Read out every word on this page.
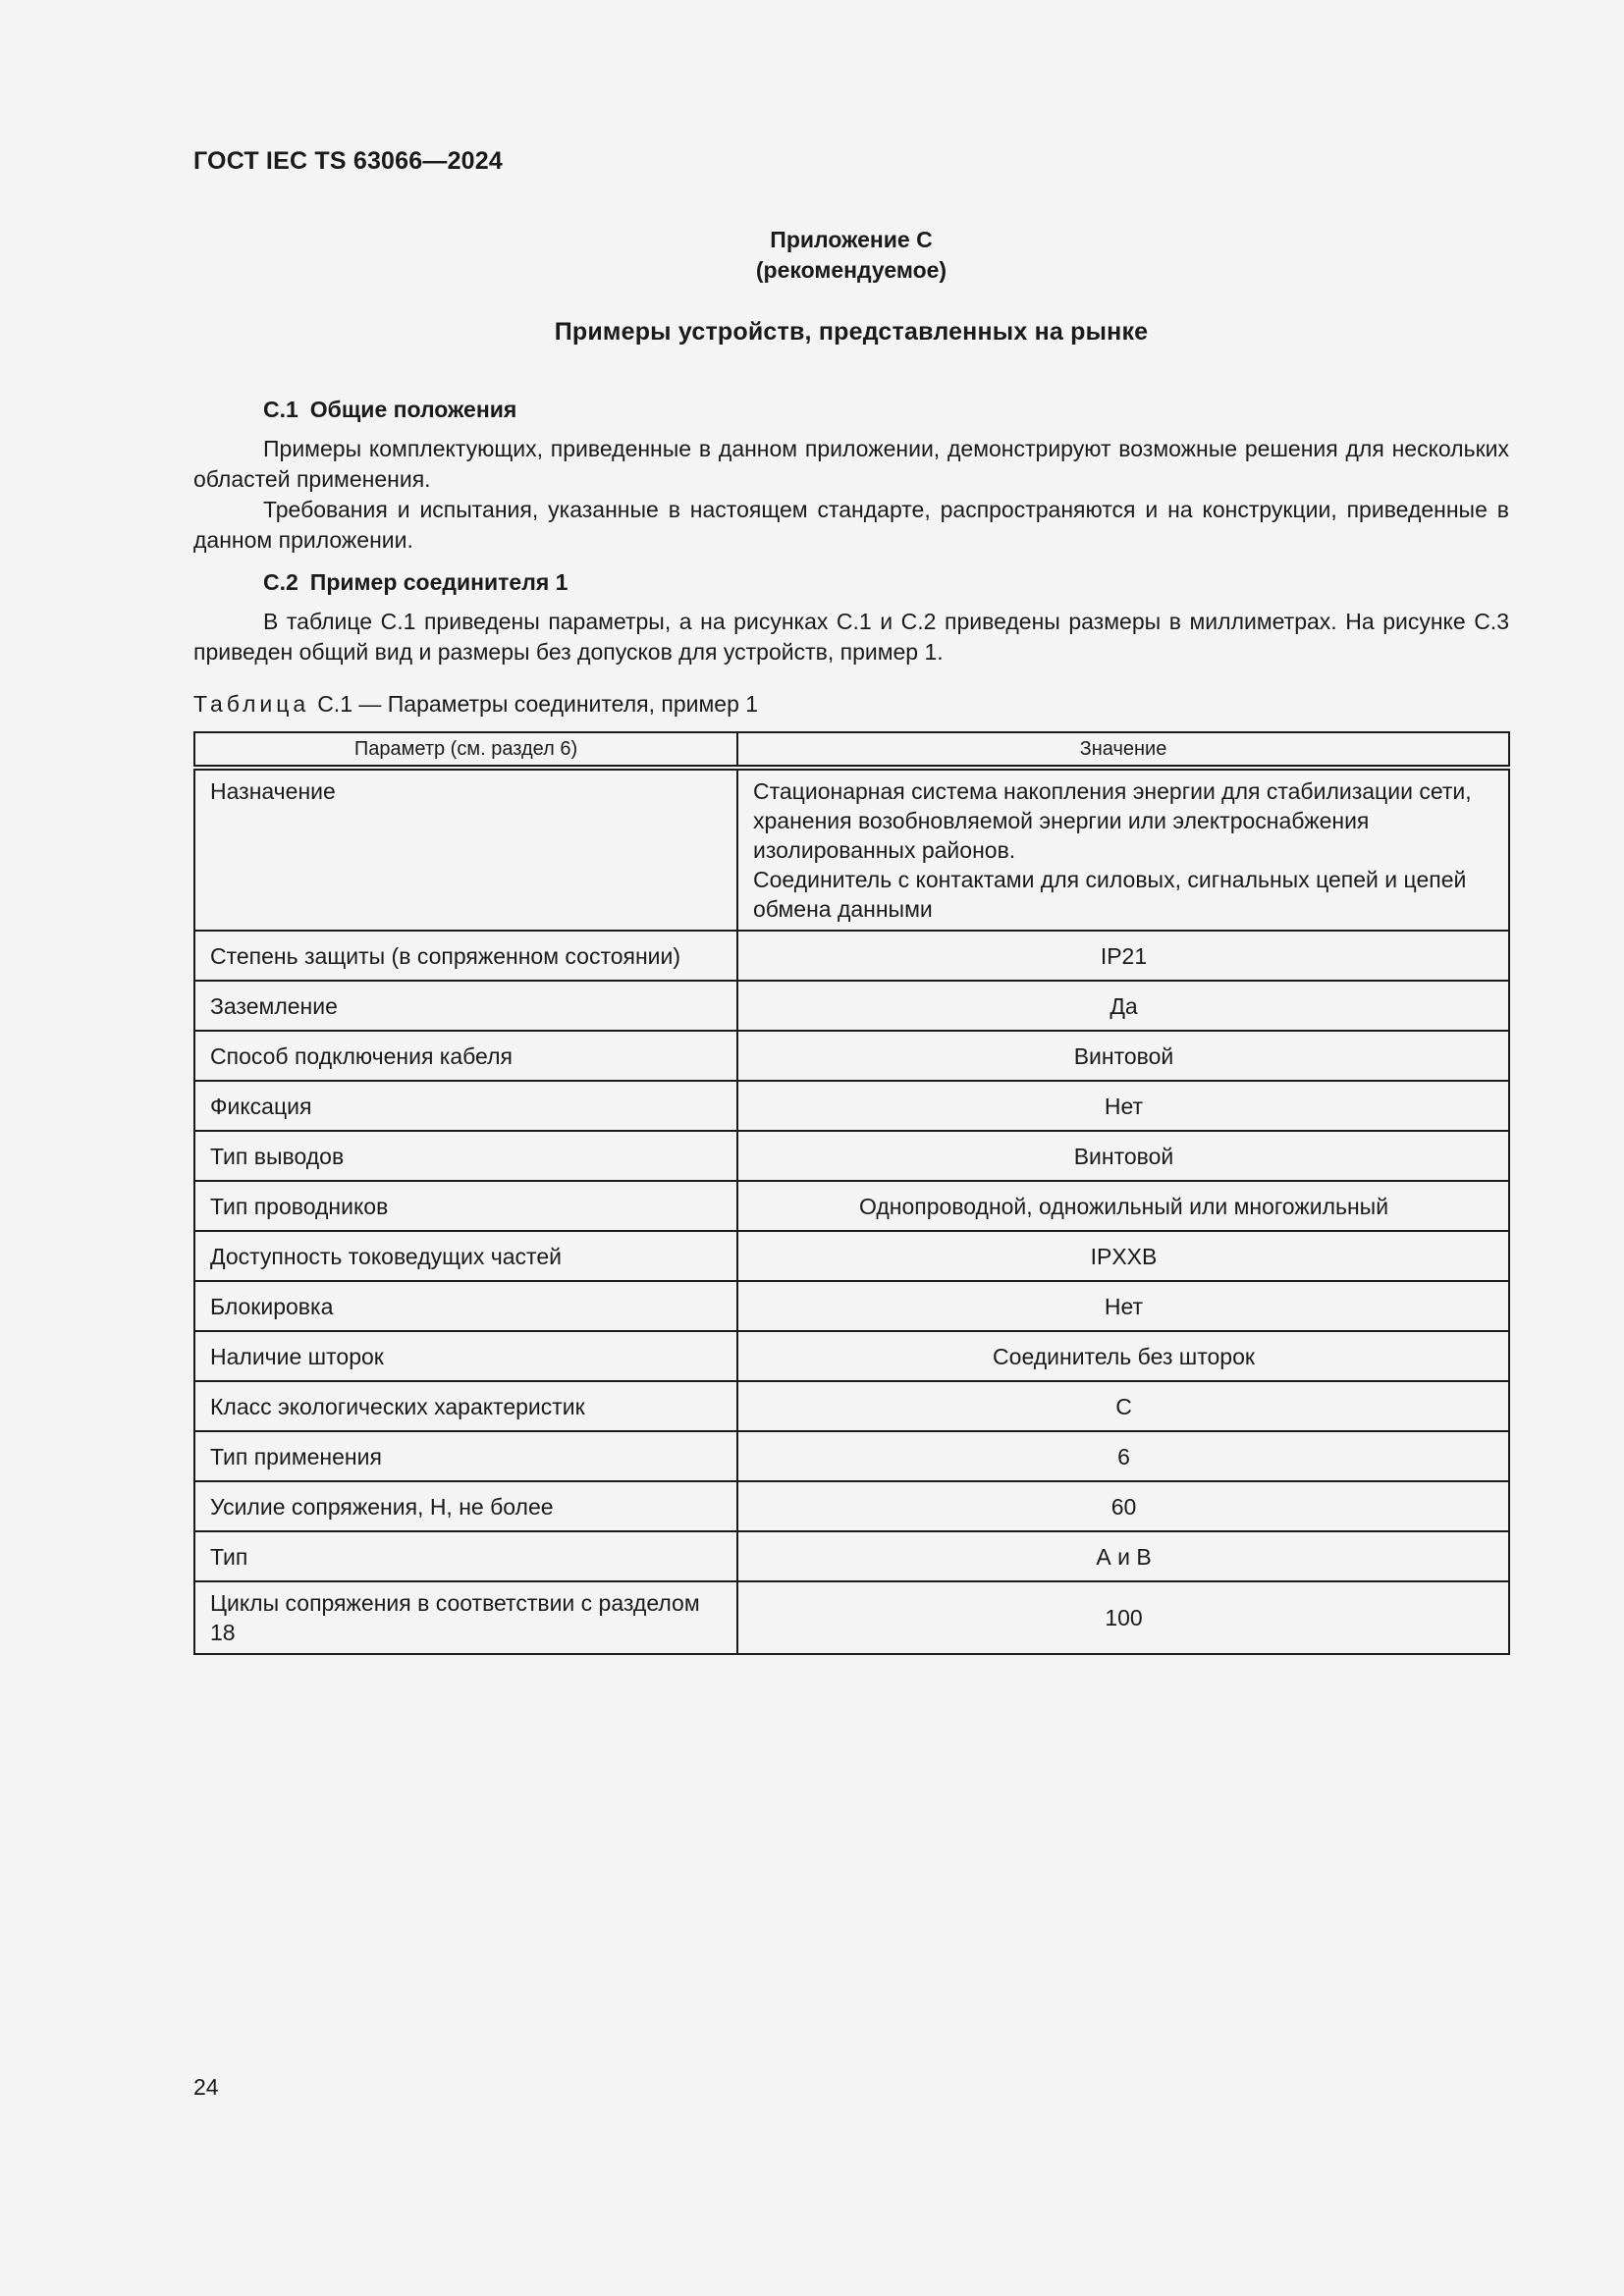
ГОСТ IEC TS 63066—2024
Приложение С
(рекомендуемое)
Примеры устройств, представленных на рынке
С.1 Общие положения
Примеры комплектующих, приведенные в данном приложении, демонстрируют возможные решения для нескольких областей применения.
Требования и испытания, указанные в настоящем стандарте, распространяются и на конструкции, приведенные в данном приложении.
С.2 Пример соединителя 1
В таблице С.1 приведены параметры, а на рисунках С.1 и С.2 приведены размеры в миллиметрах. На рисунке С.3 приведен общий вид и размеры без допусков для устройств, пример 1.
Таблица С.1 — Параметры соединителя, пример 1
Параметр (см. раздел 6)	Значение
Назначение	Стационарная система накопления энергии для стабилизации сети, хранения возобновляемой энергии или электроснабжения изолированных районов.
Соединитель с контактами для силовых, сигнальных цепей и цепей обмена данными

Степень защиты (в сопряженном состоянии)	IP21
Заземление	Да
Способ подключения кабеля	Винтовой
Фиксация	Нет
Тип выводов	Винтовой
Тип проводников	Однопроводной, одножильный или многожильный
Доступность токоведущих частей	IPXXB
Блокировка	Нет
Наличие шторок	Соединитель без шторок
Класс экологических характеристик	С
Тип применения	6
Усилие сопряжения, Н, не более	60
Тип	А и В
Циклы сопряжения в соответствии с разделом 18	100
24
